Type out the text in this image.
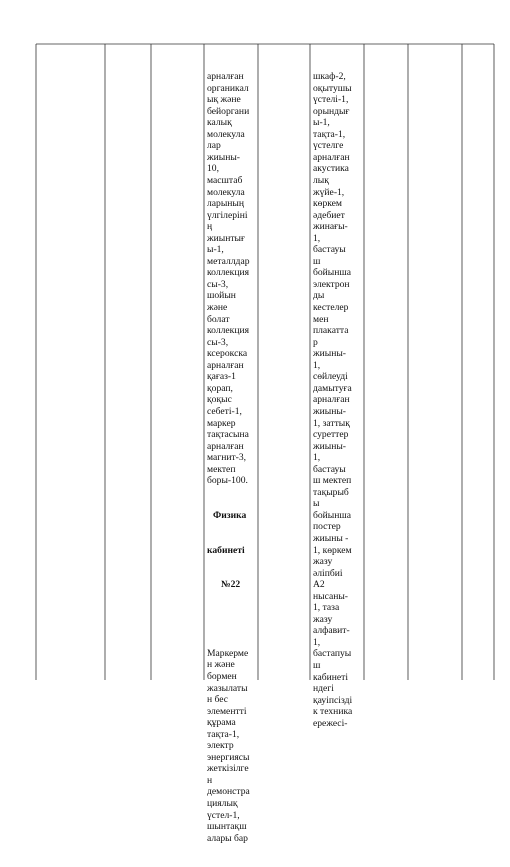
арналған
органикал
ық және
бейоргани
калық
молекула
лар
жиыны-
10,
масштаб
молекула
ларының
үлгілеріні
ң
жиынтығ
ы-1,
металлдар
коллекция
сы-3,
шойын
және
болат
коллекция
сы-3,
ксерокска
арналған
қағаз-1
қорап,
қоқыс
себеті-1,
маркер
тақтасына
арналған
магнит-3,
мектеп
боры-100.

Физика

кабинеті

№22

Маркерме
н және
бормен
жазылаты
н бес
элементті
құрама
тақта-1,
электр
энергиясы
жеткізілге
н
демонстра
циялық
үстел-1,
шынтақш
алары бар

шкаф-2,
оқытушы
үстелі-1,
орындығ
ы-1,
тақта-1,
үстелге
арналған
акустика
лық
жүйе-1,
көркем
әдебиет
жинағы-
1,
бастауы
ш
бойынша
электрон
ды
кестелер
мен
плакатта
р
жиыны-
1,
сөйлеуді
дамытуға
арналған
жиыны-
1, заттық
суреттер
жиыны-
1,
бастауы
ш мектеп
тақырыб
ы
бойынша
постер
жиыны -
1, көркем
жазу
әліпбиі
А2
нысаны-
1, таза
жазу
алфавит-
1,
бастапуы
ш
кабинеті
ндегі
қауіпсізді
к техника
ережесі-
